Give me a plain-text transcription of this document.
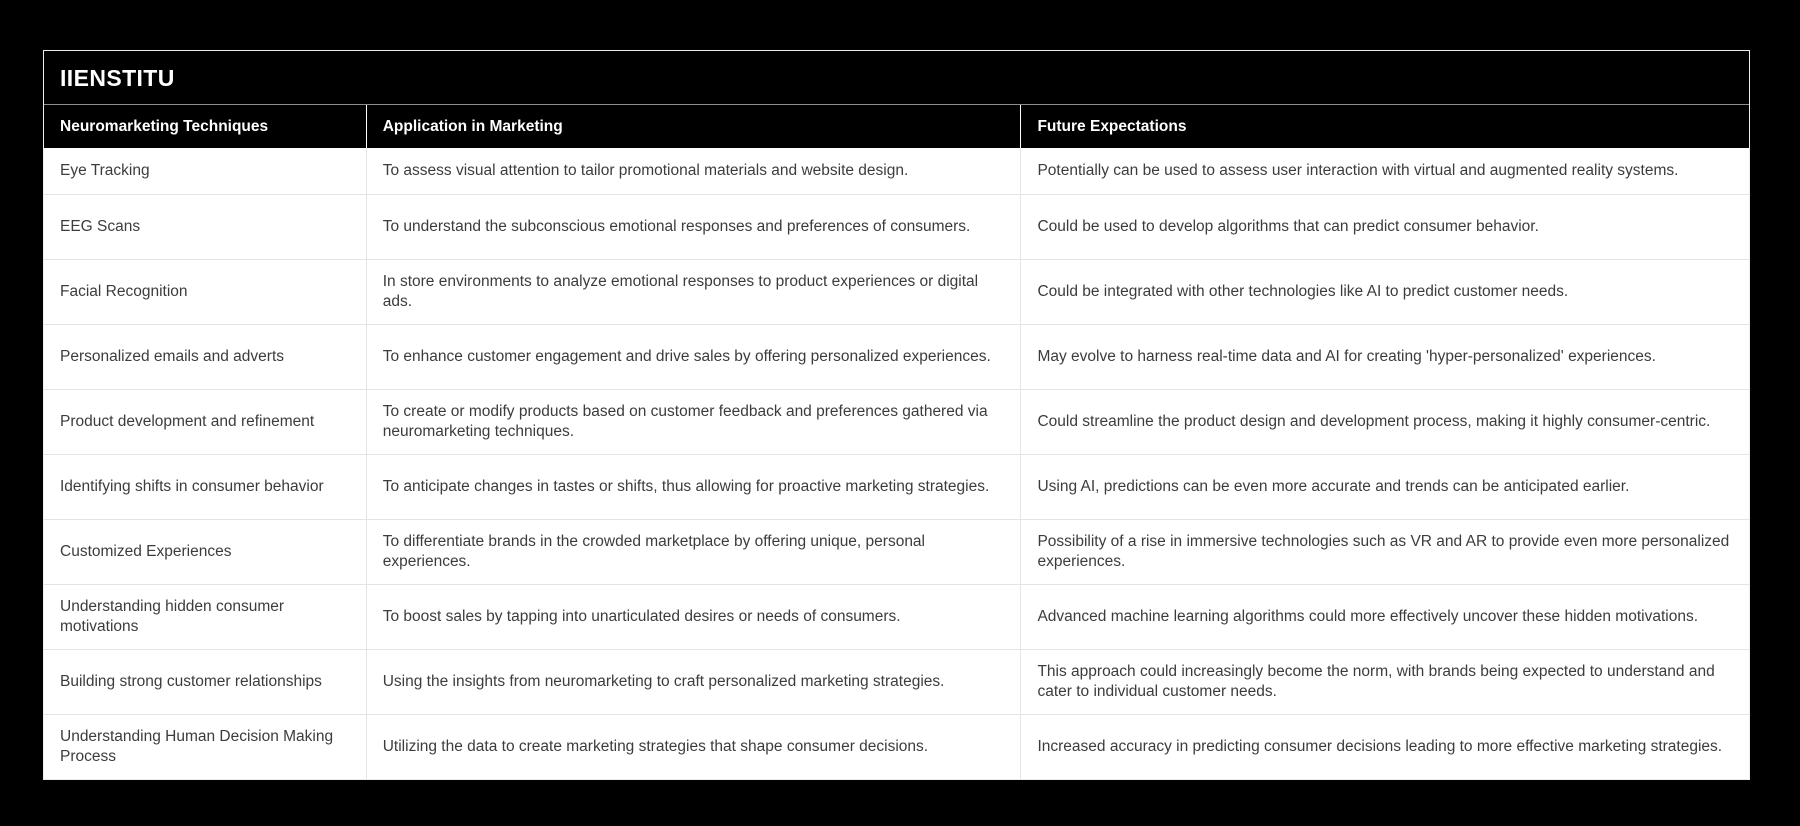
IIENSTITU
Neuromarketing Techniques	Application in Marketing	Future Expectations
Eye Tracking	To assess visual attention to tailor promotional materials and website design.	Potentially can be used to assess user interaction with virtual and augmented reality systems.
EEG Scans	To understand the subconscious emotional responses and preferences of consumers.	Could be used to develop algorithms that can predict consumer behavior.
Facial Recognition	In store environments to analyze emotional responses to product experiences or digital ads.	Could be integrated with other technologies like AI to predict customer needs.
Personalized emails and adverts	To enhance customer engagement and drive sales by offering personalized experiences.	May evolve to harness real-time data and AI for creating 'hyper-personalized' experiences.
Product development and refinement	To create or modify products based on customer feedback and preferences gathered via neuromarketing techniques.	Could streamline the product design and development process, making it highly consumer-centric.
Identifying shifts in consumer behavior	To anticipate changes in tastes or shifts, thus allowing for proactive marketing strategies.	Using AI, predictions can be even more accurate and trends can be anticipated earlier.
Customized Experiences	To differentiate brands in the crowded marketplace by offering unique, personal experiences.	Possibility of a rise in immersive technologies such as VR and AR to provide even more personalized experiences.
Understanding hidden consumer motivations	To boost sales by tapping into unarticulated desires or needs of consumers.	Advanced machine learning algorithms could more effectively uncover these hidden motivations.
Building strong customer relationships	Using the insights from neuromarketing to craft personalized marketing strategies.	This approach could increasingly become the norm, with brands being expected to understand and cater to individual customer needs.
Understanding Human Decision Making Process	Utilizing the data to create marketing strategies that shape consumer decisions.	Increased accuracy in predicting consumer decisions leading to more effective marketing strategies.
